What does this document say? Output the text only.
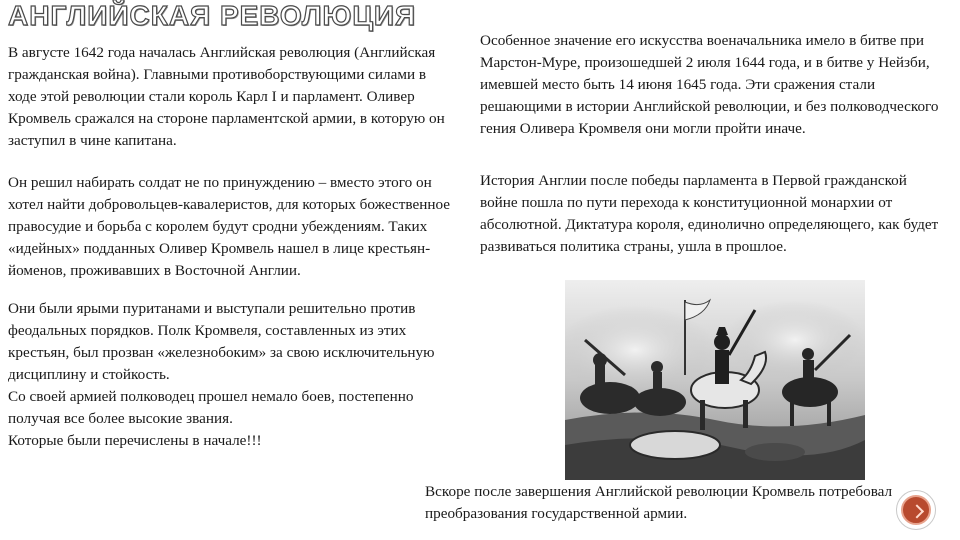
АНГЛИЙСКАЯ РЕВОЛЮЦИЯ

В августе 1642 года началась Английская революция (Английская гражданская война). Главными противоборствующими силами в ходе этой революции стали король Карл I и парламент. Оливер Кромвель сражался на стороне парламентской армии, в которую он заступил в чине капитана.

Он решил набирать солдат не по принуждению – вместо этого он хотел найти добровольцев-кавалеристов, для которых божественное правосудие и борьба с королем будут сродни убеждениям. Таких «идейных» подданных Оливер Кромвель нашел в лице крестьян-йоменов, проживавших в Восточной Англии.

Они были ярыми пуританами и выступали решительно против феодальных порядков. Полк Кромвеля, составленных из этих крестьян, был прозван «железнобоким» за свою исключительную дисциплину и стойкость.

Со своей армией полководец прошел немало боев, постепенно получая все более высокие звания.

Которые были перечислены в начале!!!

Особенное значение его искусства военачальника имело в битве при Марстон-Муре, произошедшей 2 июля 1644 года, и в битве у Нейзби, имевшей место быть 14 июня 1645 года. Эти сражения стали решающими в истории Английской революции, и без полководческого гения Оливера Кромвеля они могли пройти иначе.

История Англии после победы парламента в Первой гражданской войне пошла по пути перехода к конституционной монархии от абсолютной. Диктатура короля, единолично определяющего, как будет развиваться политика страны, ушла в прошлое.

Вскоре после завершения Английской революции Кромвель потребовал преобразования государственной армии.
